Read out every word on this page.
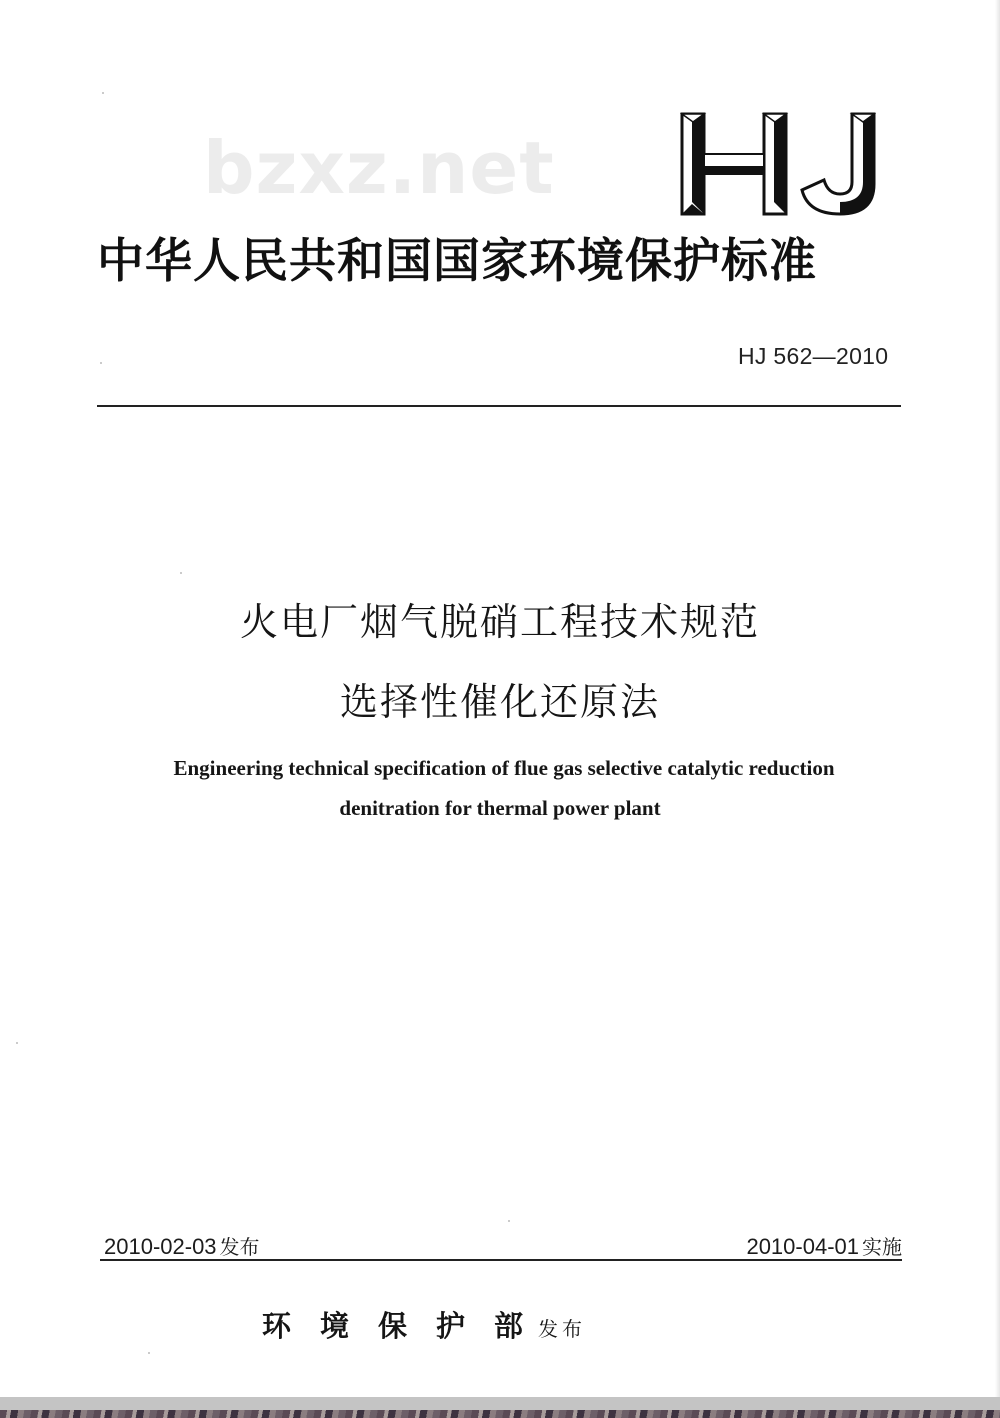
bzxz.net
中华人民共和国国家环境保护标准
HJ 562—2010
火电厂烟气脱硝工程技术规范
选择性催化还原法
Engineering technical specification of flue gas selective catalytic reduction
denitration for thermal power plant
2010-02-03 发布	2010-04-01 实施
环境保护部发布
